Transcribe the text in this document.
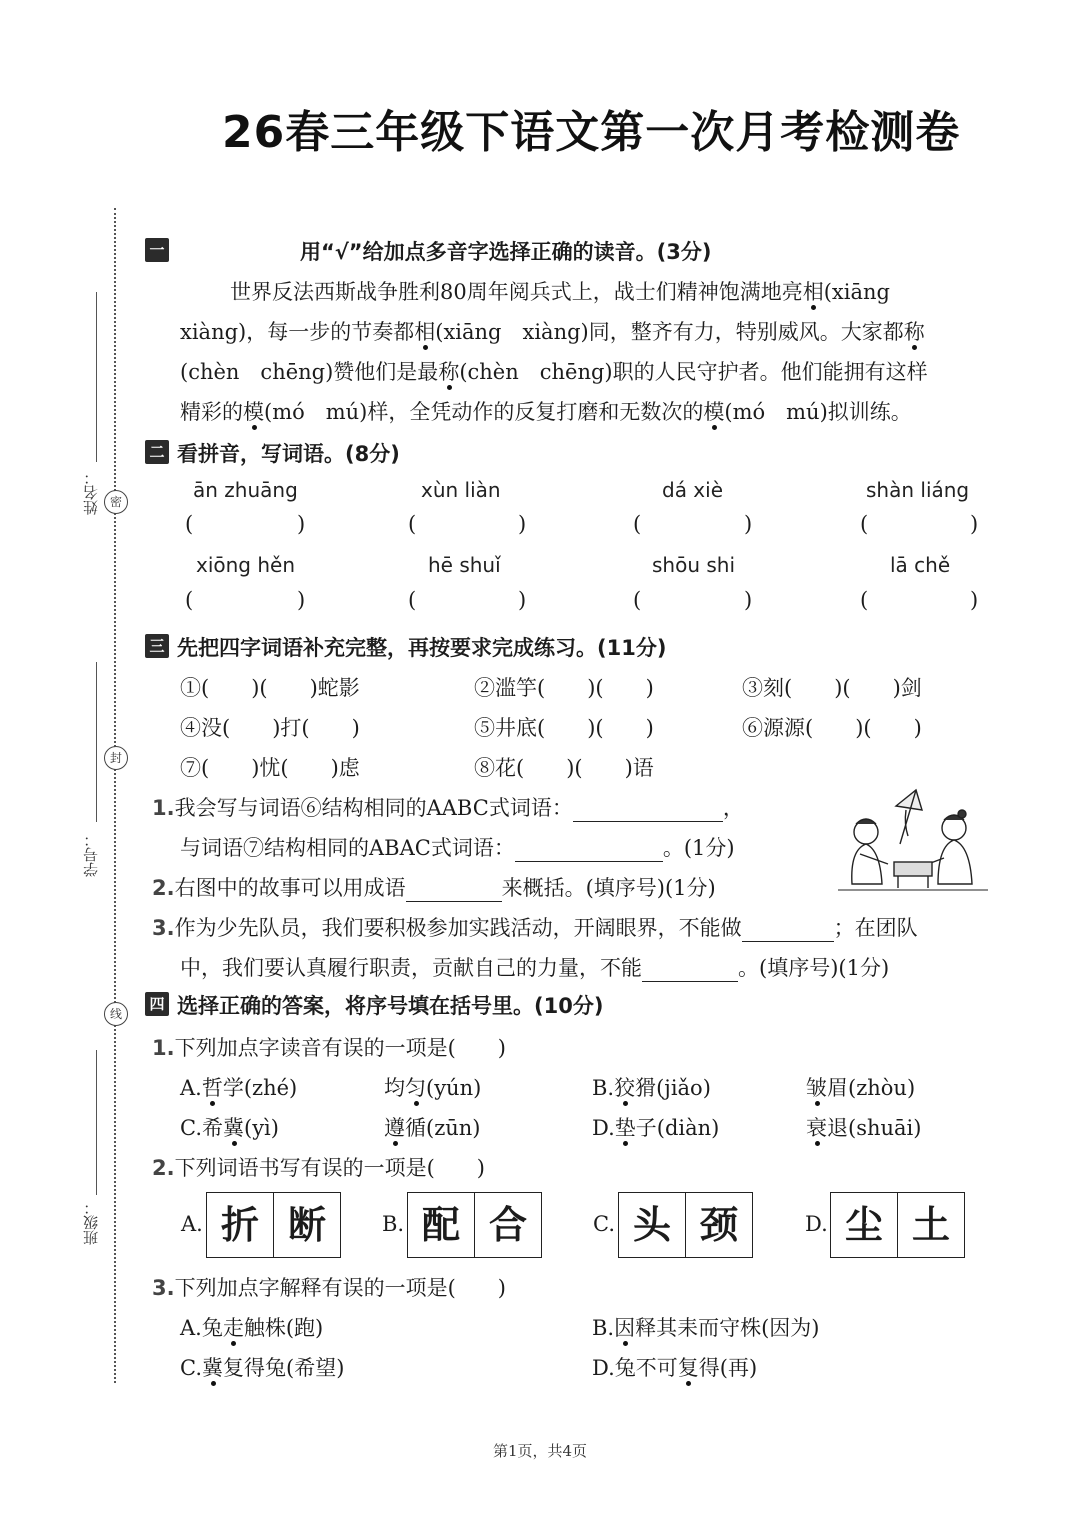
26春三年级下语文第一次月考检测卷
姓名：
学号：
班级：
密
封
线
一	用“√”给加点多音字选择正确的读音。(3分)
世界反法西斯战争胜利80周年阅兵式上，战士们精神饱满地亮相(xiāng
xiàng)，每一步的节奏都相(xiāng　xiàng)同，整齐有力，特别威风。大家都称
(chèn　chēng)赞他们是最称(chèn　chēng)职的人民守护者。他们能拥有这样
精彩的模(mó　mú)样，全凭动作的反复打磨和无数次的模(mó　mú)拟训练。
二 看拼音，写词语。(8分)
ān zhuāng	xùn liàn	dá xiè	shàn liáng
xiōng hěn	hē shuǐ	shōu shi	lā chě
(	)	(	)	(	)	(	)
(	)	(	)	(	)	(	)
三 先把四字词语补充完整，再按要求完成练习。(11分)
①(　　)(　　)蛇影	②滥竽(　　)(　　)	③刻(　　)(　　)剑
④没(　　)打(　　)	⑤井底(　　)(　　)	⑥源源(　　)(　　)
⑦(　　)忧(　　)虑	⑧花(　　)(　　)语
1.我会写与词语⑥结构相同的AABC式词语：	，
与词语⑦结构相同的ABAC式词语：	。(1分)
2.右图中的故事可以用成语	来概括。(填序号)(1分)
3.作为少先队员，我们要积极参加实践活动，开阔眼界，不能做	；在团队
中，我们要认真履行职责，贡献自己的力量，不能	。(填序号)(1分)
四 选择正确的答案，将序号填在括号里。(10分)
1.下列加点字读音有误的一项是(　　)
A.哲学(zhé)	均匀(yún)	B.狡猾(jiǎo)	皱眉(zhòu)
C.希冀(yì)	遵循(zūn)	D.垫子(diàn)	衰退(shuāi)
2.下列词语书写有误的一项是(　　)
A. 折 断	B. 配 合	C. 头 颈	D. 尘 土
3.下列加点字解释有误的一项是(　　)
A.兔走触株(跑)	B.因释其耒而守株(因为)
C.冀复得兔(希望)	D.兔不可复得(再)
第1页，共4页
